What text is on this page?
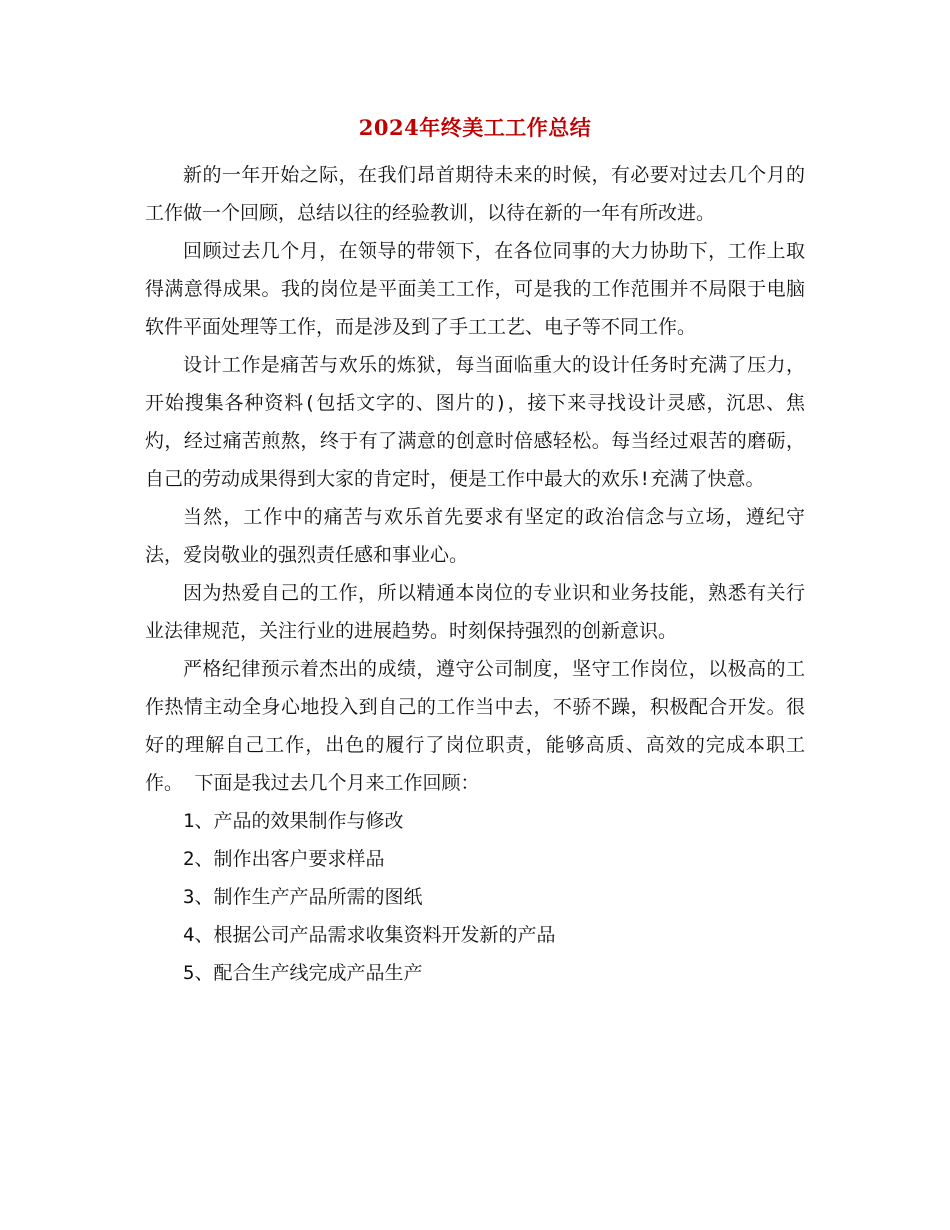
2024年终美工工作总结

新的一年开始之际，在我们昂首期待未来的时候，有必要对过去几个月的工作做一个回顾，总结以往的经验教训，以待在新的一年有所改进。

回顾过去几个月，在领导的带领下，在各位同事的大力协助下，工作上取得满意得成果。我的岗位是平面美工工作，可是我的工作范围并不局限于电脑软件平面处理等工作，而是涉及到了手工工艺、电子等不同工作。

设计工作是痛苦与欢乐的炼狱，每当面临重大的设计任务时充满了压力，开始搜集各种资料(包括文字的、图片的)，接下来寻找设计灵感，沉思、焦灼，经过痛苦煎熬，终于有了满意的创意时倍感轻松。每当经过艰苦的磨砺，自己的劳动成果得到大家的肯定时，便是工作中最大的欢乐!充满了快意。

当然，工作中的痛苦与欢乐首先要求有坚定的政治信念与立场，遵纪守法，爱岗敬业的强烈责任感和事业心。

因为热爱自己的工作，所以精通本岗位的专业识和业务技能，熟悉有关行业法律规范，关注行业的进展趋势。时刻保持强烈的创新意识。

严格纪律预示着杰出的成绩，遵守公司制度，坚守工作岗位，以极高的工作热情主动全身心地投入到自己的工作当中去，不骄不躁，积极配合开发。很好的理解自己工作，出色的履行了岗位职责，能够高质、高效的完成本职工作。 下面是我过去几个月来工作回顾：

1、产品的效果制作与修改

2、制作出客户要求样品

3、制作生产产品所需的图纸

4、根据公司产品需求收集资料开发新的产品

5、配合生产线完成产品生产
